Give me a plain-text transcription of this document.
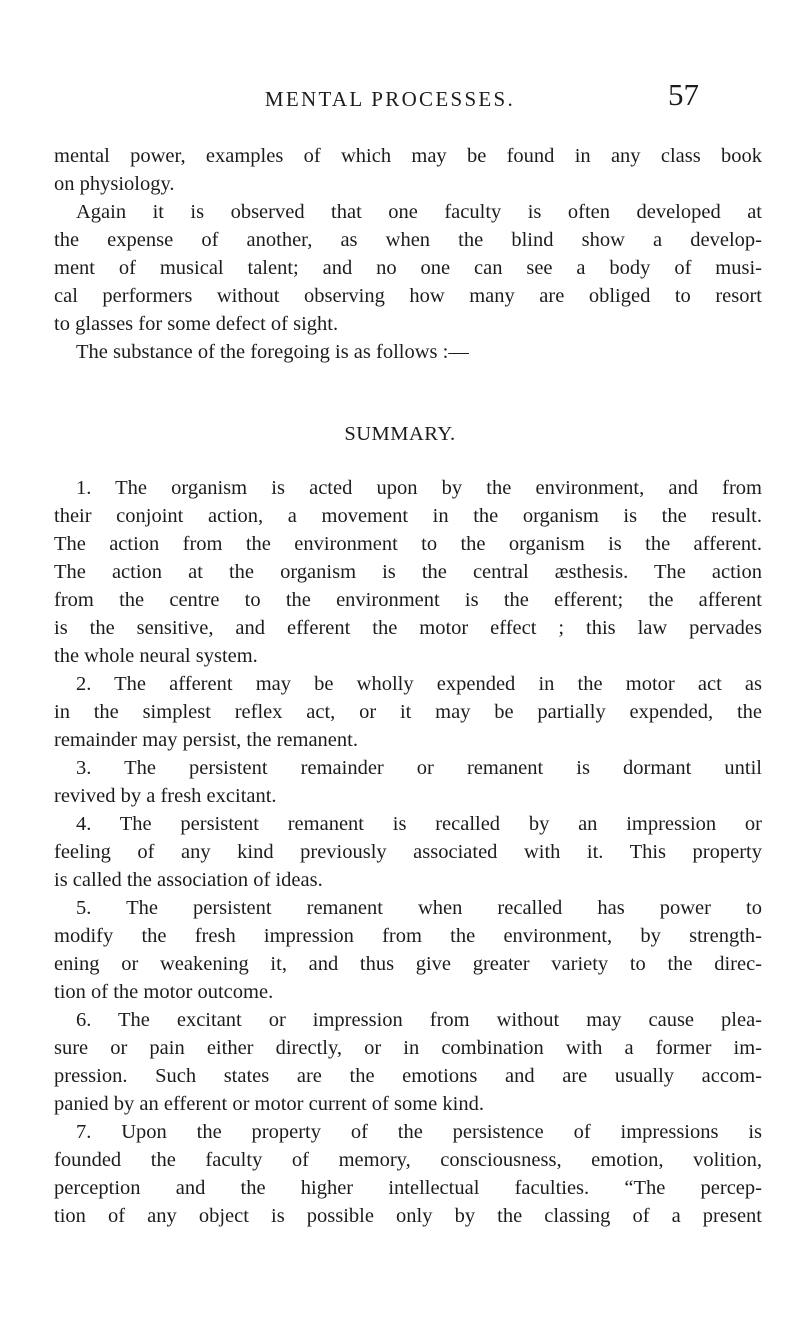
MENTAL PROCESSES.	57
mental power, examples of which may be found in any class book
on physiology.
Again it is observed that one faculty is often developed at
the expense of another, as when the blind show a develop-
ment of musical talent; and no one can see a body of musi-
cal performers without observing how many are obliged to resort
to glasses for some defect of sight.
The substance of the foregoing is as follows :—
SUMMARY.
1. The organism is acted upon by the environment, and from
their conjoint action, a movement in the organism is the result.
The action from the environment to the organism is the afferent.
The action at the organism is the central æsthesis. The action
from the centre to the environment is the efferent; the afferent
is the sensitive, and efferent the motor effect ; this law pervades
the whole neural system.
2. The afferent may be wholly expended in the motor act as
in the simplest reflex act, or it may be partially expended, the
remainder may persist, the remanent.
3. The persistent remainder or remanent is dormant until
revived by a fresh excitant.
4. The persistent remanent is recalled by an impression or
feeling of any kind previously associated with it. This property
is called the association of ideas.
5. The persistent remanent when recalled has power to
modify the fresh impression from the environment, by strength-
ening or weakening it, and thus give greater variety to the direc-
tion of the motor outcome.
6. The excitant or impression from without may cause plea-
sure or pain either directly, or in combination with a former im-
pression. Such states are the emotions and are usually accom-
panied by an efferent or motor current of some kind.
7. Upon the property of the persistence of impressions is
founded the faculty of memory, consciousness, emotion, volition,
perception and the higher intellectual faculties. “The percep-
tion of any object is possible only by the classing of a present
